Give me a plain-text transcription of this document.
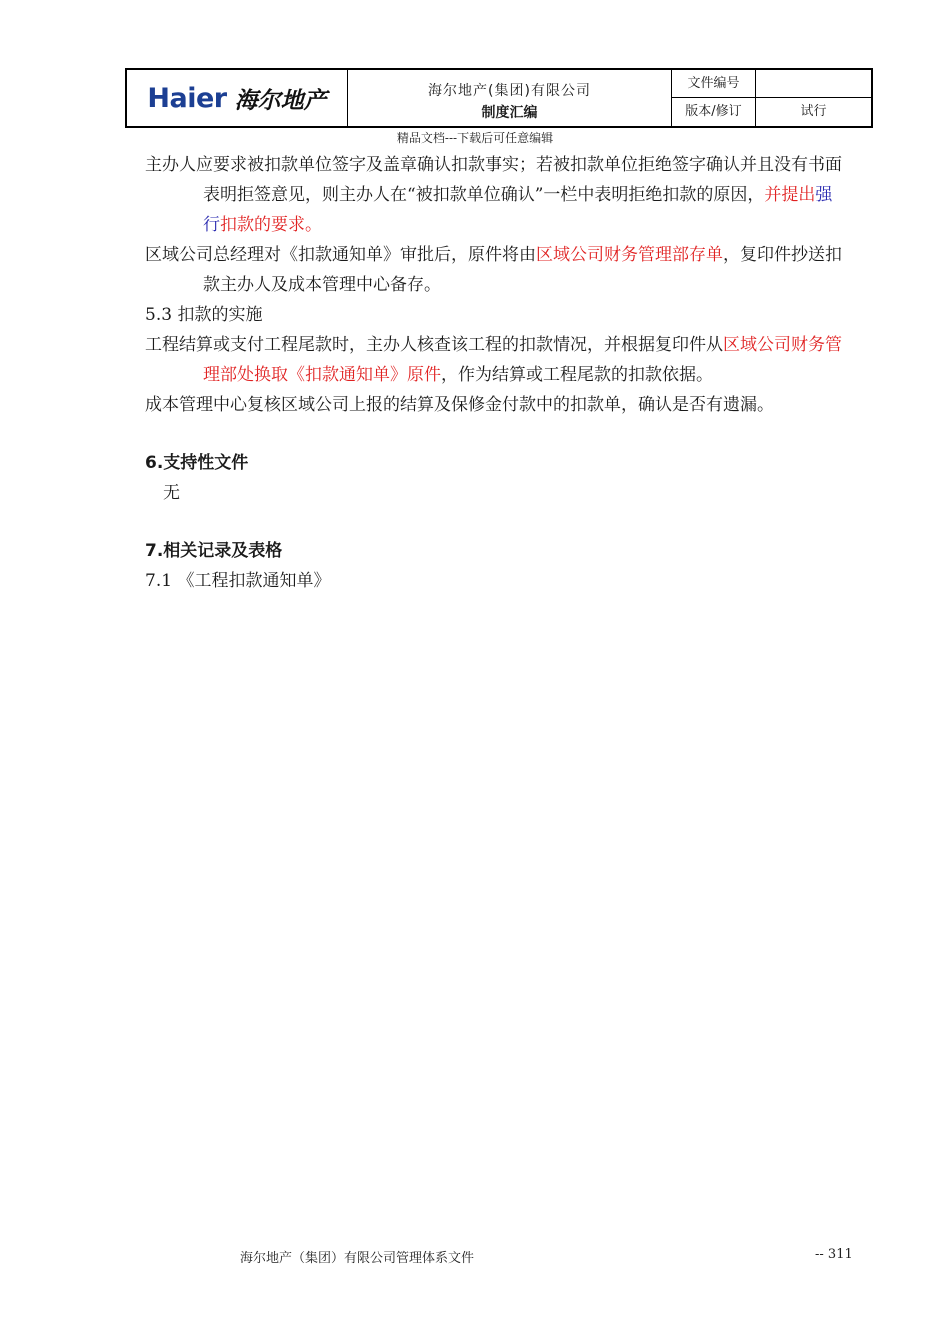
Haier 海尔地产	海尔地产(集团)有限公司
制度汇编
文件编号
版本/修订	试行
精品文档---下载后可任意编辑

主办人应要求被扣款单位签字及盖章确认扣款事实；若被扣款单位拒绝签字确认并且没有书面表明拒签意见，则主办人在“被扣款单位确认”一栏中表明拒绝扣款的原因，并提出强行扣款的要求。

区域公司总经理对《扣款通知单》审批后，原件将由区域公司财务管理部存单，复印件抄送扣款主办人及成本管理中心备存。

5.3 扣款的实施

工程结算或支付工程尾款时，主办人核查该工程的扣款情况，并根据复印件从区域公司财务管理部处换取《扣款通知单》原件，作为结算或工程尾款的扣款依据。

成本管理中心复核区域公司上报的结算及保修金付款中的扣款单，确认是否有遗漏。

6.支持性文件

无

7.相关记录及表格

7.1 《工程扣款通知单》

海尔地产（集团）有限公司管理体系文件	-- 311
